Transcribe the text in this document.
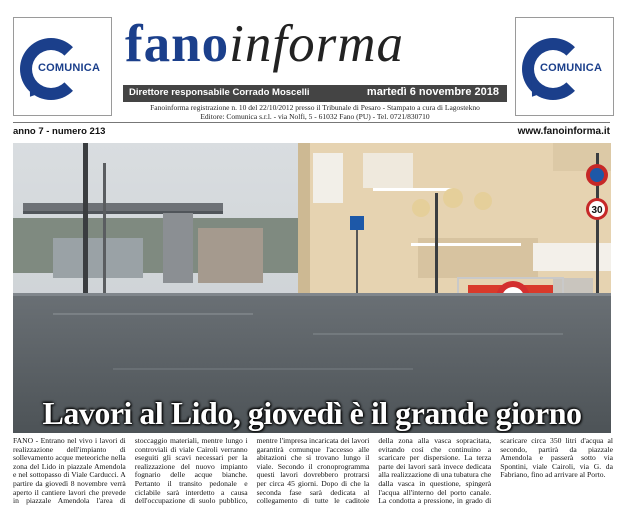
COMUNICA	COMUNICA
fanoinforma
Direttore responsabile Corrado Moscelli	martedì 6 novembre 2018
Fanoinforma registrazione n. 10 del 22/10/2012 presso il Tribunale di Pesaro - Stampato a cura di Lagostekno
Editore: Comunica s.r.l. - via Nolfi, 5 - 61032 Fano (PU) - Tel. 0721/830710
anno 7 - numero 213	www.fanoinforma.it
30
Lavori al Lido, giovedì è il grande giorno

FANO - Entrano nel vivo i lavori di realizzazione dell'impianto di sollevamento acque meteoriche nella zona del Lido in piazzale Amendola e nel sottopasso di Viale Carducci. A partire da giovedì 8 novembre verrà aperto il cantiere lavori che prevede in piazzale Amendola l'area di stoccaggio materiali, mentre lungo i controviali di viale Cairoli verranno eseguiti gli scavi necessari per la realizzazione del nuovo impianto fognario delle acque bianche. Pertanto il transito pedonale e ciclabile sarà interdetto a causa dell'occupazione di suolo pubblico, mentre l'impresa incaricata dei lavori garantirà comunque l'accesso alle abitazioni che si trovano lungo il viale. Secondo il cronoprogramma questi lavori dovrebbero protrarsi per circa 45 giorni. Dopo di che la seconda fase sarà dedicata al collegamento di tutte le caditoie della zona alla vasca sopracitata, evitando così che continuino a scaricare per dispersione. La terza parte dei lavori sarà invece dedicata alla realizzazione di una tubatura che dalla vasca in questione, spingerà l'acqua all'interno del porto canale. La condotta a pressione, in grado di scaricare circa 350 litri d'acqua al secondo, partirà da piazzale Amendola e passerà sotto via Spontini, viale Cairoli, via G. da Fabriano, fino ad arrivare al Porto.
